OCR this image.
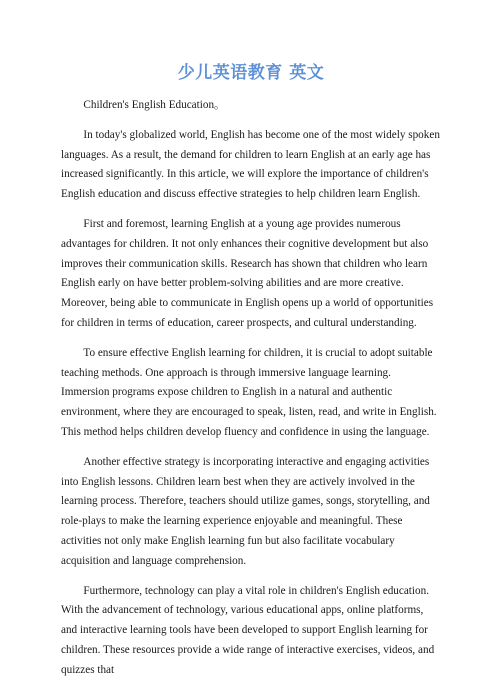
少儿英语教育 英文

Children's English Education。

In today's globalized world, English has become one of the most widely spoken languages. As a result, the demand for children to learn English at an early age has increased significantly. In this article, we will explore the importance of children's English education and discuss effective strategies to help children learn English.

First and foremost, learning English at a young age provides numerous advantages for children. It not only enhances their cognitive development but also improves their communication skills. Research has shown that children who learn English early on have better problem-solving abilities and are more creative. Moreover, being able to communicate in English opens up a world of opportunities for children in terms of education, career prospects, and cultural understanding.

To ensure effective English learning for children, it is crucial to adopt suitable teaching methods. One approach is through immersive language learning. Immersion programs expose children to English in a natural and authentic environment, where they are encouraged to speak, listen, read, and write in English. This method helps children develop fluency and confidence in using the language.

Another effective strategy is incorporating interactive and engaging activities into English lessons. Children learn best when they are actively involved in the learning process. Therefore, teachers should utilize games, songs, storytelling, and role-plays to make the learning experience enjoyable and meaningful. These activities not only make English learning fun but also facilitate vocabulary acquisition and language comprehension.

Furthermore, technology can play a vital role in children's English education. With the advancement of technology, various educational apps, online platforms, and interactive learning tools have been developed to support English learning for children. These resources provide a wide range of interactive exercises, videos, and quizzes that
